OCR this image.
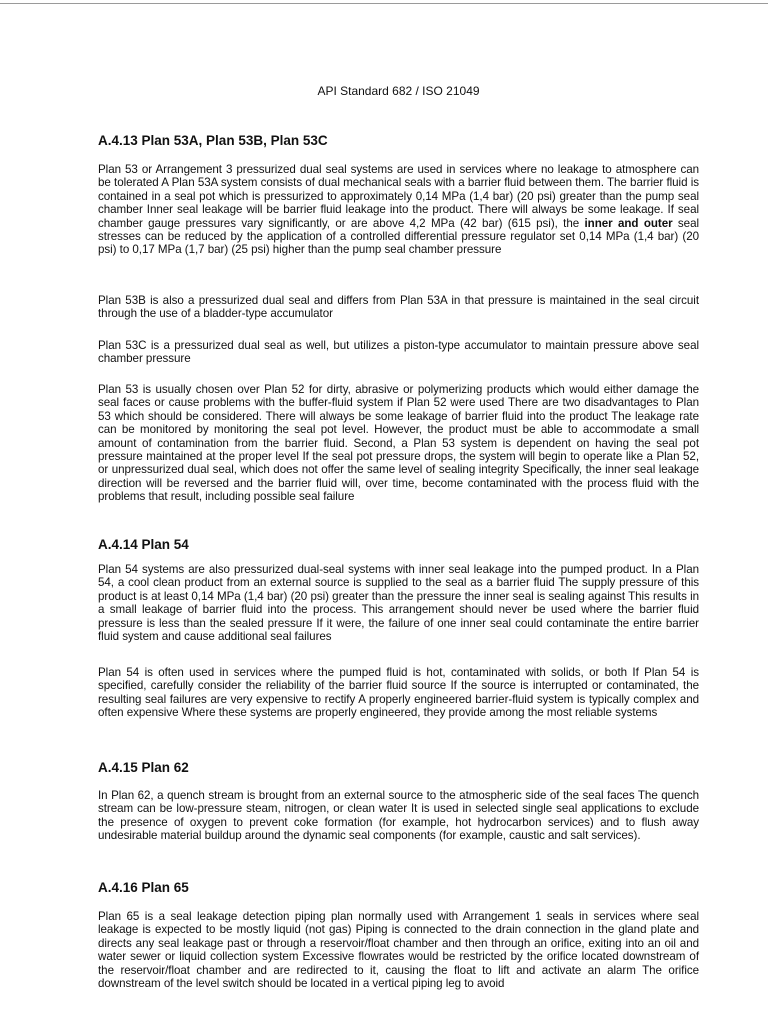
API Standard 682 / ISO 21049
A.4.13 Plan 53A, Plan 53B, Plan 53C
Plan 53 or Arrangement 3 pressurized dual seal systems are used in services where no leakage to atmosphere can be tolerated A Plan 53A system consists of dual mechanical seals with a barrier fluid between them. The barrier fluid is contained in a seal pot which is pressurized to approximately 0,14 MPa (1,4 bar) (20 psi) greater than the pump seal chamber Inner seal leakage will be barrier fluid leakage into the product. There will always be some leakage. If seal chamber gauge pressures vary significantly, or are above 4,2 MPa (42 bar) (615 psi), the inner and outer seal stresses can be reduced by the application of a controlled differential pressure regulator set 0,14 MPa (1,4 bar) (20 psi) to 0,17 MPa (1,7 bar) (25 psi) higher than the pump seal chamber pressure
Plan 53B is also a pressurized dual seal and differs from Plan 53A in that pressure is maintained in the seal circuit through the use of a bladder-type accumulator
Plan 53C is a pressurized dual seal as well, but utilizes a piston-type accumulator to maintain pressure above seal chamber pressure
Plan 53 is usually chosen over Plan 52 for dirty, abrasive or polymerizing products which would either damage the seal faces or cause problems with the buffer-fluid system if Plan 52 were used There are two disadvantages to Plan 53 which should be considered. There will always be some leakage of barrier fluid into the product The leakage rate can be monitored by monitoring the seal pot level. However, the product must be able to accommodate a small amount of contamination from the barrier fluid. Second, a Plan 53 system is dependent on having the seal pot pressure maintained at the proper level If the seal pot pressure drops, the system will begin to operate like a Plan 52, or unpressurized dual seal, which does not offer the same level of sealing integrity Specifically, the inner seal leakage direction will be reversed and the barrier fluid will, over time, become contaminated with the process fluid with the problems that result, including possible seal failure
A.4.14 Plan 54
Plan 54 systems are also pressurized dual-seal systems with inner seal leakage into the pumped product. In a Plan 54, a cool clean product from an external source is supplied to the seal as a barrier fluid The supply pressure of this product is at least 0,14 MPa (1,4 bar) (20 psi) greater than the pressure the inner seal is sealing against This results in a small leakage of barrier fluid into the process. This arrangement should never be used where the barrier fluid pressure is less than the sealed pressure If it were, the failure of one inner seal could contaminate the entire barrier fluid system and cause additional seal failures
Plan 54 is often used in services where the pumped fluid is hot, contaminated with solids, or both If Plan 54 is specified, carefully consider the reliability of the barrier fluid source If the source is interrupted or contaminated, the resulting seal failures are very expensive to rectify A properly engineered barrier-fluid system is typically complex and often expensive Where these systems are properly engineered, they provide among the most reliable systems
A.4.15 Plan 62
In Plan 62, a quench stream is brought from an external source to the atmospheric side of the seal faces The quench stream can be low-pressure steam, nitrogen, or clean water It is used in selected single seal applications to exclude the presence of oxygen to prevent coke formation (for example, hot hydrocarbon services) and to flush away undesirable material buildup around the dynamic seal components (for example, caustic and salt services).
A.4.16 Plan 65
Plan 65 is a seal leakage detection piping plan normally used with Arrangement 1 seals in services where seal leakage is expected to be mostly liquid (not gas) Piping is connected to the drain connection in the gland plate and directs any seal leakage past or through a reservoir/float chamber and then through an orifice, exiting into an oil and water sewer or liquid collection system Excessive flowrates would be restricted by the orifice located downstream of the reservoir/float chamber and are redirected to it, causing the float to lift and activate an alarm The orifice downstream of the level switch should be located in a vertical piping leg to avoid
